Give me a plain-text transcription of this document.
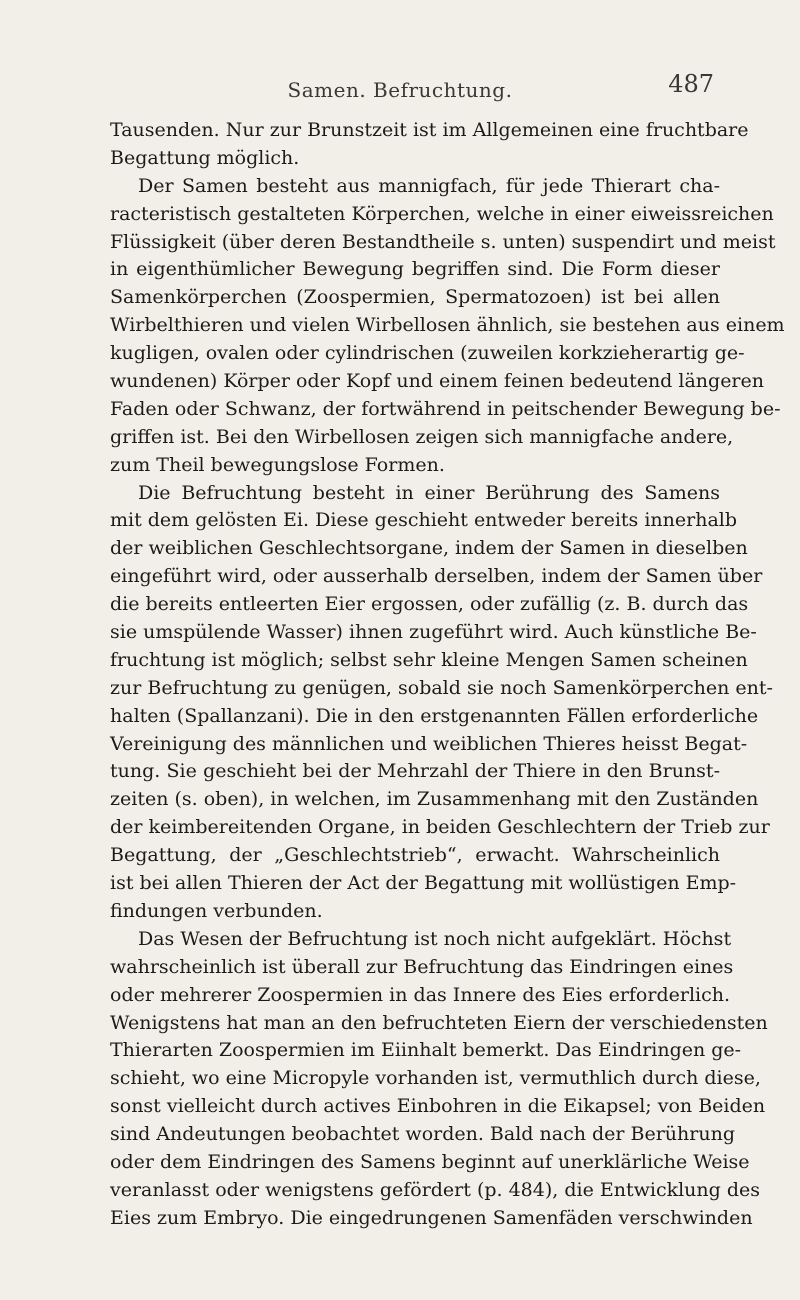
Samen. Befruchtung.	487
Tausenden. Nur zur Brunstzeit ist im Allgemeinen eine fruchtbare
Begattung möglich.
Der Samen besteht aus mannigfach, für jede Thierart cha-
racteristisch gestalteten Körperchen, welche in einer eiweissreichen
Flüssigkeit (über deren Bestandtheile s. unten) suspendirt und meist
in eigenthümlicher Bewegung begriffen sind. Die Form dieser
Samenkörperchen (Zoospermien, Spermatozoen) ist bei allen
Wirbelthieren und vielen Wirbellosen ähnlich, sie bestehen aus einem
kugligen, ovalen oder cylindrischen (zuweilen korkzieherartig ge-
wundenen) Körper oder Kopf und einem feinen bedeutend längeren
Faden oder Schwanz, der fortwährend in peitschender Bewegung be-
griffen ist. Bei den Wirbellosen zeigen sich mannigfache andere,
zum Theil bewegungslose Formen.
Die Befruchtung besteht in einer Berührung des Samens
mit dem gelösten Ei. Diese geschieht entweder bereits innerhalb
der weiblichen Geschlechtsorgane, indem der Samen in dieselben
eingeführt wird, oder ausserhalb derselben, indem der Samen über
die bereits entleerten Eier ergossen, oder zufällig (z. B. durch das
sie umspülende Wasser) ihnen zugeführt wird. Auch künstliche Be-
fruchtung ist möglich; selbst sehr kleine Mengen Samen scheinen
zur Befruchtung zu genügen, sobald sie noch Samenkörperchen ent-
halten (Spallanzani). Die in den erstgenannten Fällen erforderliche
Vereinigung des männlichen und weiblichen Thieres heisst Begat-
tung. Sie geschieht bei der Mehrzahl der Thiere in den Brunst-
zeiten (s. oben), in welchen, im Zusammenhang mit den Zuständen
der keimbereitenden Organe, in beiden Geschlechtern der Trieb zur
Begattung, der „Geschlechtstrieb“, erwacht. Wahrscheinlich
ist bei allen Thieren der Act der Begattung mit wollüstigen Emp-
findungen verbunden.
Das Wesen der Befruchtung ist noch nicht aufgeklärt. Höchst
wahrscheinlich ist überall zur Befruchtung das Eindringen eines
oder mehrerer Zoospermien in das Innere des Eies erforderlich.
Wenigstens hat man an den befruchteten Eiern der verschiedensten
Thierarten Zoospermien im Eiinhalt bemerkt. Das Eindringen ge-
schieht, wo eine Micropyle vorhanden ist, vermuthlich durch diese,
sonst vielleicht durch actives Einbohren in die Eikapsel; von Beiden
sind Andeutungen beobachtet worden. Bald nach der Berührung
oder dem Eindringen des Samens beginnt auf unerklärliche Weise
veranlasst oder wenigstens gefördert (p. 484), die Entwicklung des
Eies zum Embryo. Die eingedrungenen Samenfäden verschwinden
